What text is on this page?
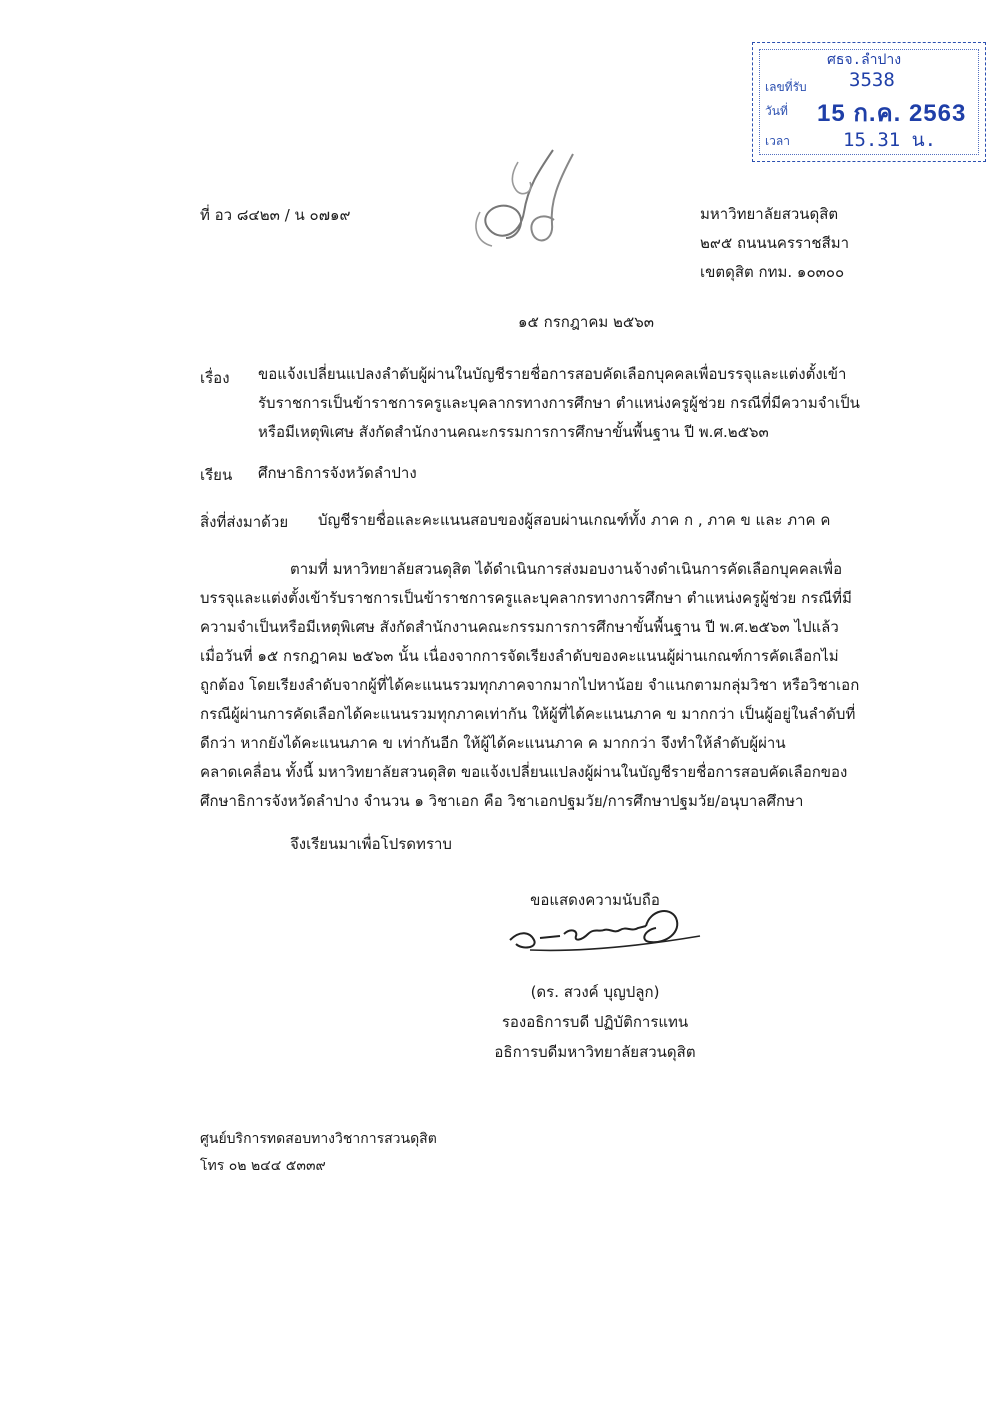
ศธจ.ลำปาง
เลขที่รับ	3538
วันที่	15 ก.ค. 2563
เวลา	15.31 น.
ที่ อว ๘๔๒๓ / น ๐๗๑๙	มหาวิทยาลัยสวนดุสิต
๒๙๕ ถนนนครราชสีมา
เขตดุสิต กทม. ๑๐๓๐๐
๑๕ กรกฎาคม ๒๕๖๓
เรื่อง ขอแจ้งเปลี่ยนแปลงลำดับผู้ผ่านในบัญชีรายชื่อการสอบคัดเลือกบุคคลเพื่อบรรจุและแต่งตั้งเข้า
รับราชการเป็นข้าราชการครูและบุคลากรทางการศึกษา ตำแหน่งครูผู้ช่วย กรณีที่มีความจำเป็น
หรือมีเหตุพิเศษ สังกัดสำนักงานคณะกรรมการการศึกษาขั้นพื้นฐาน ปี พ.ศ.๒๕๖๓
เรียน ศึกษาธิการจังหวัดลำปาง
สิ่งที่ส่งมาด้วย บัญชีรายชื่อและคะแนนสอบของผู้สอบผ่านเกณฑ์ทั้ง ภาค ก , ภาค ข และ ภาค ค
ตามที่ มหาวิทยาลัยสวนดุสิต ได้ดำเนินการส่งมอบงานจ้างดำเนินการคัดเลือกบุคคลเพื่อ
บรรจุและแต่งตั้งเข้ารับราชการเป็นข้าราชการครูและบุคลากรทางการศึกษา ตำแหน่งครูผู้ช่วย กรณีที่มี
ความจำเป็นหรือมีเหตุพิเศษ สังกัดสำนักงานคณะกรรมการการศึกษาขั้นพื้นฐาน ปี พ.ศ.๒๕๖๓ ไปแล้ว
เมื่อวันที่ ๑๕ กรกฎาคม ๒๕๖๓ นั้น เนื่องจากการจัดเรียงลำดับของคะแนนผู้ผ่านเกณฑ์การคัดเลือกไม่
ถูกต้อง โดยเรียงลำดับจากผู้ที่ได้คะแนนรวมทุกภาคจากมากไปหาน้อย จำแนกตามกลุ่มวิชา หรือวิชาเอก
กรณีผู้ผ่านการคัดเลือกได้คะแนนรวมทุกภาคเท่ากัน ให้ผู้ที่ได้คะแนนภาค ข มากกว่า เป็นผู้อยู่ในลำดับที่
ดีกว่า หากยังได้คะแนนภาค ข เท่ากันอีก ให้ผู้ได้คะแนนภาค ค มากกว่า จึงทำให้ลำดับผู้ผ่าน
คลาดเคลื่อน ทั้งนี้ มหาวิทยาลัยสวนดุสิต ขอแจ้งเปลี่ยนแปลงผู้ผ่านในบัญชีรายชื่อการสอบคัดเลือกของ
ศึกษาธิการจังหวัดลำปาง จำนวน ๑ วิชาเอก คือ วิชาเอกปฐมวัย/การศึกษาปฐมวัย/อนุบาลศึกษา
จึงเรียนมาเพื่อโปรดทราบ
ขอแสดงความนับถือ
(ดร. สวงค์ บุญปลูก)
รองอธิการบดี ปฏิบัติการแทน
อธิการบดีมหาวิทยาลัยสวนดุสิต
ศูนย์บริการทดสอบทางวิชาการสวนดุสิต
โทร ๐๒ ๒๔๔ ๕๓๓๙
